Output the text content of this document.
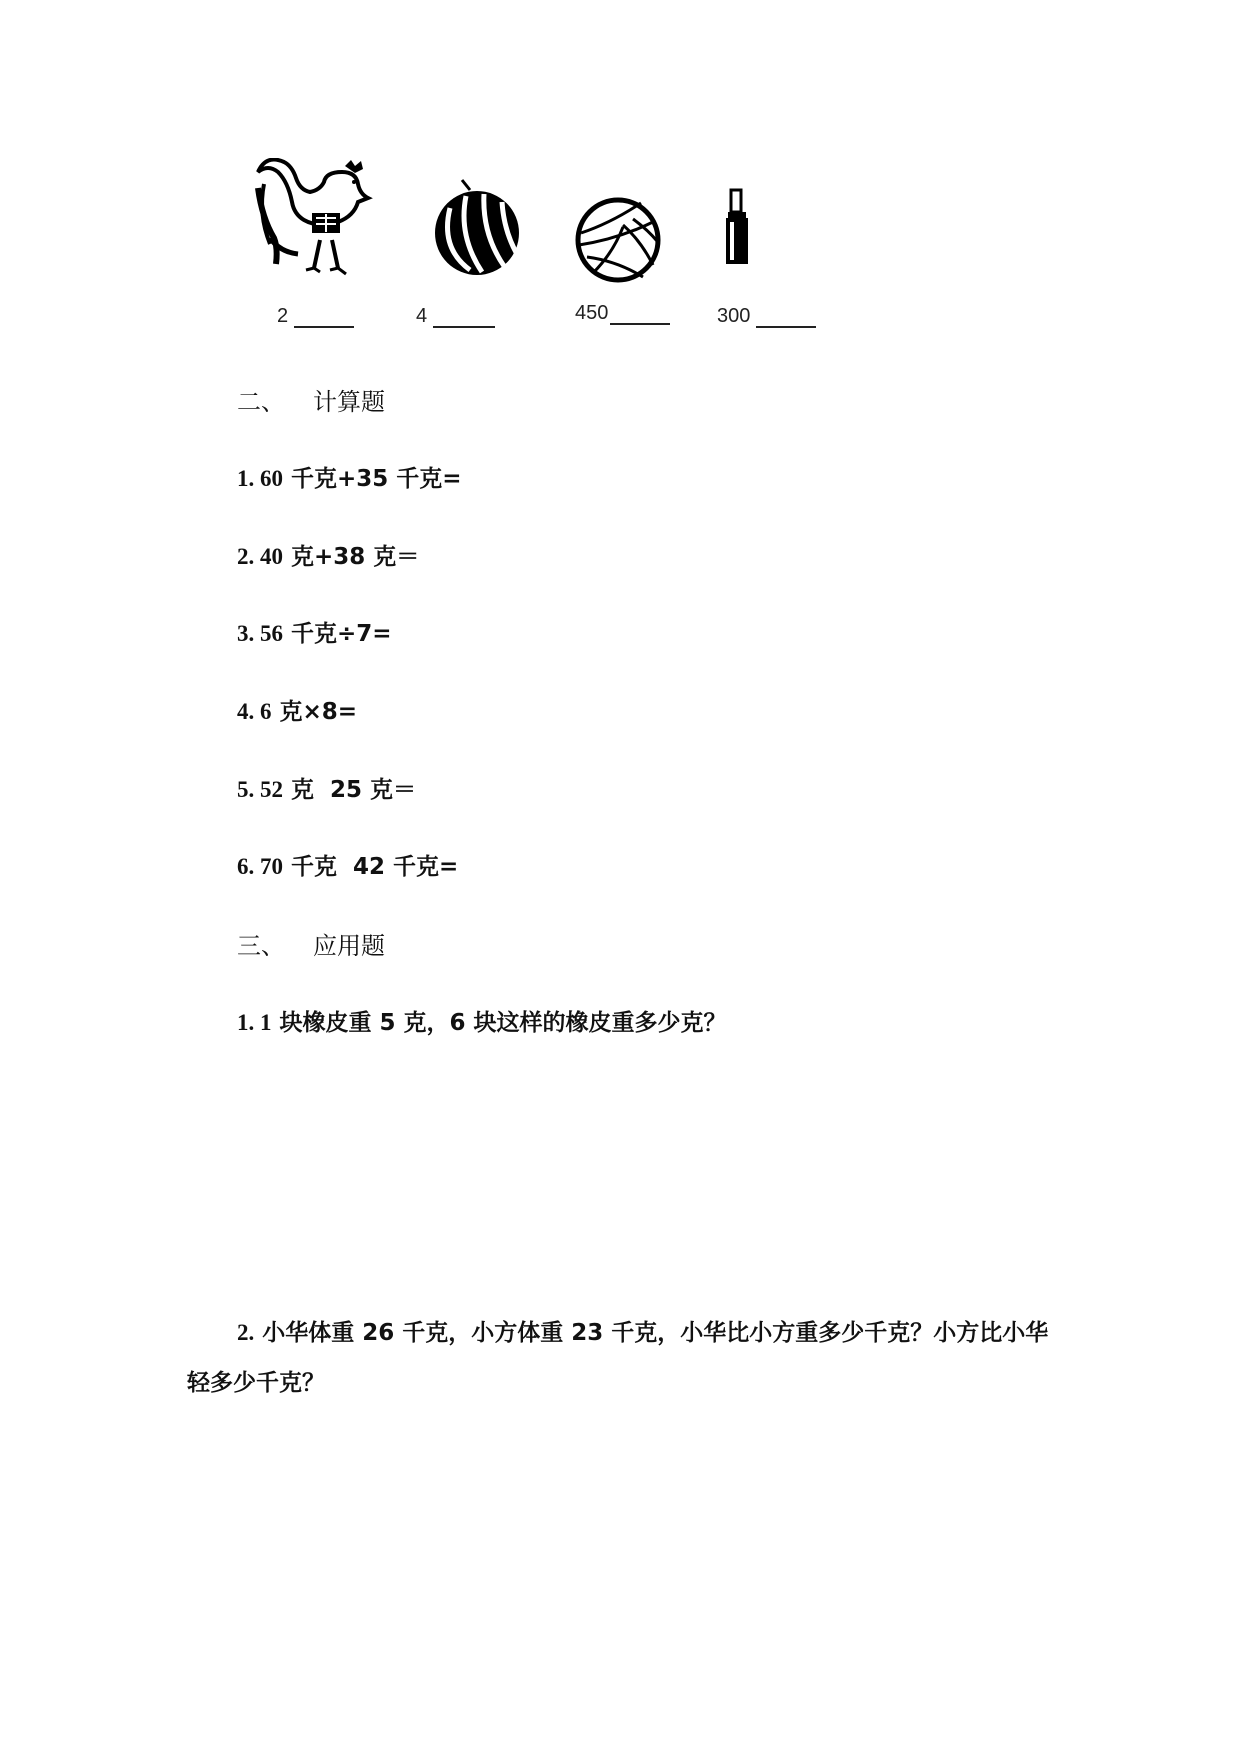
2	4	450	300
二、 计算题
1. 60 千克+35 千克=
2. 40 克+38 克＝
3. 56 千克÷7=
4. 6 克×8=
5. 52 克  25 克＝
6. 70 千克  42 千克=
三、 应用题
1. 1 块橡皮重 5 克，6 块这样的橡皮重多少克？
2. 小华体重 26 千克，小方体重 23 千克，小华比小方重多少千克？小方比小华轻多少千克？
